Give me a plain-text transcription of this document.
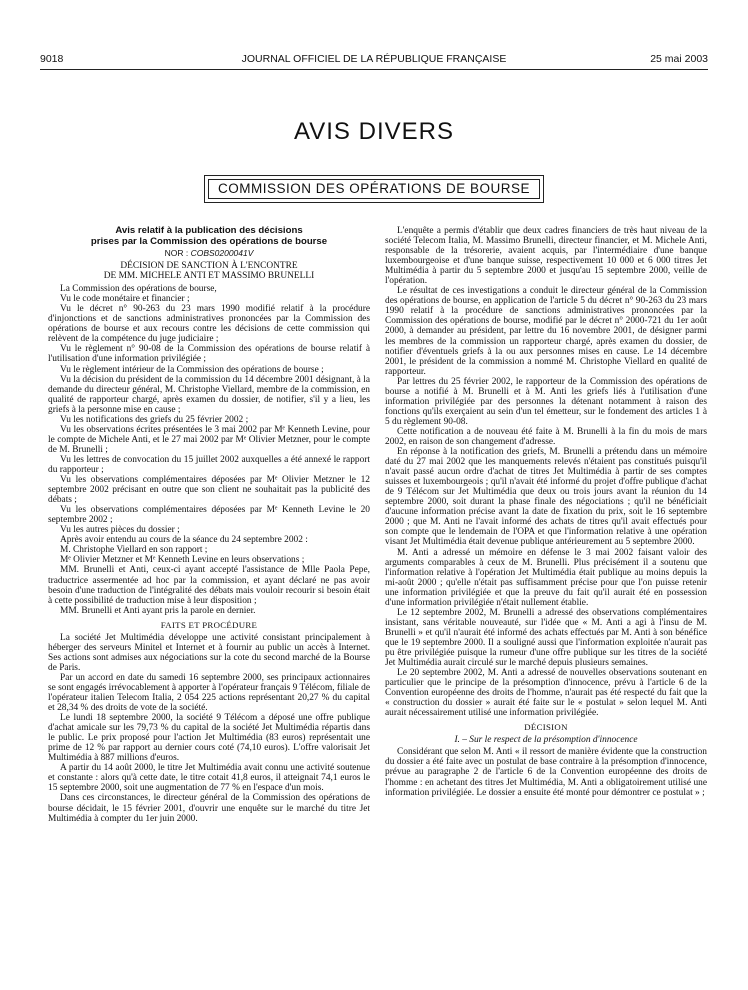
9018	JOURNAL OFFICIEL DE LA RÉPUBLIQUE FRANÇAISE	25 mai 2003
AVIS DIVERS
COMMISSION DES OPÉRATIONS DE BOURSE

Avis relatif à la publication des décisions

prises par la Commission des opérations de bourse

NOR : COBS0200041V

DÉCISION DE SANCTION À L'ENCONTRE

DE MM. MICHELE ANTI ET MASSIMO BRUNELLI

La Commission des opérations de bourse,

Vu le code monétaire et financier ;

Vu le décret n° 90-263 du 23 mars 1990 modifié relatif à la procédure d'injonctions et de sanctions administratives prononcées par la Commission des opérations de bourse et aux recours contre les décisions de cette commission qui relèvent de la compétence du juge judiciaire ;

Vu le règlement n° 90-08 de la Commission des opérations de bourse relatif à l'utilisation d'une information privilégiée ;

Vu le règlement intérieur de la Commission des opérations de bourse ;

Vu la décision du président de la commission du 14 décembre 2001 désignant, à la demande du directeur général, M. Christophe Viellard, membre de la commission, en qualité de rapporteur chargé, après examen du dossier, de notifier, s'il y a lieu, les griefs à la personne mise en cause ;

Vu les notifications des griefs du 25 février 2002 ;

Vu les observations écrites présentées le 3 mai 2002 par Mᵉ Kenneth Levine, pour le compte de Michele Anti, et le 27 mai 2002 par Mᵉ Olivier Metzner, pour le compte de M. Brunelli ;

Vu les lettres de convocation du 15 juillet 2002 auxquelles a été annexé le rapport du rapporteur ;

Vu les observations complémentaires déposées par Mᵉ Olivier Metzner le 12 septembre 2002 précisant en outre que son client ne souhaitait pas la publicité des débats ;

Vu les observations complémentaires déposées par Mᵉ Kenneth Levine le 20 septembre 2002 ;

Vu les autres pièces du dossier ;

Après avoir entendu au cours de la séance du 24 septembre 2002 :

M. Christophe Viellard en son rapport ;

Mᵉ Olivier Metzner et Mᵉ Kenneth Levine en leurs observations ;

MM. Brunelli et Anti, ceux-ci ayant accepté l'assistance de Mlle Paola Pepe, traductrice assermentée ad hoc par la commission, et ayant déclaré ne pas avoir besoin d'une traduction de l'intégralité des débats mais vouloir recourir si besoin était à cette possibilité de traduction mise à leur disposition ;

MM. Brunelli et Anti ayant pris la parole en dernier.

FAITS ET PROCÉDURE

La société Jet Multimédia développe une activité consistant principalement à héberger des serveurs Minitel et Internet et à fournir au public un accès à Internet. Ses actions sont admises aux négociations sur la cote du second marché de la Bourse de Paris.

Par un accord en date du samedi 16 septembre 2000, ses principaux actionnaires se sont engagés irrévocablement à apporter à l'opérateur français 9 Télécom, filiale de l'opérateur italien Telecom Italia, 2 054 225 actions représentant 20,27 % du capital et 28,34 % des droits de vote de la société.

Le lundi 18 septembre 2000, la société 9 Télécom a déposé une offre publique d'achat amicale sur les 79,73 % du capital de la société Jet Multimédia répartis dans le public. Le prix proposé pour l'action Jet Multimédia (83 euros) représentait une prime de 12 % par rapport au dernier cours coté (74,10 euros). L'offre valorisait Jet Multimédia à 887 millions d'euros.

A partir du 14 août 2000, le titre Jet Multimédia avait connu une activité soutenue et constante : alors qu'à cette date, le titre cotait 41,8 euros, il atteignait 74,1 euros le 15 septembre 2000, soit une augmentation de 77 % en l'espace d'un mois.

Dans ces circonstances, le directeur général de la Commission des opérations de bourse décidait, le 15 février 2001, d'ouvrir une enquête sur le marché du titre Jet Multimédia à compter du 1er juin 2000.

L'enquête a permis d'établir que deux cadres financiers de très haut niveau de la société Telecom Italia, M. Massimo Brunelli, directeur financier, et M. Michele Anti, responsable de la trésorerie, avaient acquis, par l'intermédiaire d'une banque luxembourgeoise et d'une banque suisse, respectivement 10 000 et 6 000 titres Jet Multimédia à partir du 5 septembre 2000 et jusqu'au 15 septembre 2000, veille de l'opération.

Le résultat de ces investigations a conduit le directeur général de la Commission des opérations de bourse, en application de l'article 5 du décret n° 90-263 du 23 mars 1990 relatif à la procédure de sanctions administratives prononcées par la Commission des opérations de bourse, modifié par le décret n° 2000-721 du 1er août 2000, à demander au président, par lettre du 16 novembre 2001, de désigner parmi les membres de la commission un rapporteur chargé, après examen du dossier, de notifier d'éventuels griefs à la ou aux personnes mises en cause. Le 14 décembre 2001, le président de la commission a nommé M. Christophe Viellard en qualité de rapporteur.

Par lettres du 25 février 2002, le rapporteur de la Commission des opérations de bourse a notifié à M. Brunelli et à M. Anti les griefs liés à l'utilisation d'une information privilégiée par des personnes la détenant notamment à raison des fonctions qu'ils exerçaient au sein d'un tel émetteur, sur le fondement des articles 1 à 5 du règlement 90-08.

Cette notification a de nouveau été faite à M. Brunelli à la fin du mois de mars 2002, en raison de son changement d'adresse.

En réponse à la notification des griefs, M. Brunelli a prétendu dans un mémoire daté du 27 mai 2002 que les manquements relevés n'étaient pas constitués puisqu'il n'avait passé aucun ordre d'achat de titres Jet Multimédia à partir de ses comptes suisses et luxembourgeois ; qu'il n'avait été informé du projet d'offre publique d'achat de 9 Télécom sur Jet Multimédia que deux ou trois jours avant la réunion du 14 septembre 2000, soit durant la phase finale des négociations ; qu'il ne bénéficiait d'aucune information précise avant la date de fixation du prix, soit le 16 septembre 2000 ; que M. Anti ne l'avait informé des achats de titres qu'il avait effectués pour son compte que le lendemain de l'OPA et que l'information relative à une opération visant Jet Multimédia était devenue publique antérieurement au 5 septembre 2000.

M. Anti a adressé un mémoire en défense le 3 mai 2002 faisant valoir des arguments comparables à ceux de M. Brunelli. Plus précisément il a soutenu que l'information relative à l'opération Jet Multimédia était publique au moins depuis la mi-août 2000 ; qu'elle n'était pas suffisamment précise pour que l'on puisse retenir une information privilégiée et que la preuve du fait qu'il aurait été en possession d'une information privilégiée n'était nullement établie.

Le 12 septembre 2002, M. Brunelli a adressé des observations complémentaires insistant, sans véritable nouveauté, sur l'idée que « M. Anti a agi à l'insu de M. Brunelli » et qu'il n'aurait été informé des achats effectués par M. Anti à son bénéfice que le 19 septembre 2000. Il a souligné aussi que l'information exploitée n'aurait pas pu être privilégiée puisque la rumeur d'une offre publique sur les titres de la société Jet Multimédia aurait circulé sur le marché depuis plusieurs semaines.

Le 20 septembre 2002, M. Anti a adressé de nouvelles observations soutenant en particulier que le principe de la présomption d'innocence, prévu à l'article 6 de la Convention européenne des droits de l'homme, n'aurait pas été respecté du fait que la « construction du dossier » aurait été faite sur le « postulat » selon lequel M. Anti aurait nécessairement utilisé une information privilégiée.

DÉCISION

I. – Sur le respect de la présomption d'innocence

Considérant que selon M. Anti « il ressort de manière évidente que la construction du dossier a été faite avec un postulat de base contraire à la présomption d'innocence, prévue au paragraphe 2 de l'article 6 de la Convention européenne des droits de l'homme : en achetant des titres Jet Multimédia, M. Anti a obligatoirement utilisé une information privilégiée. Le dossier a ensuite été monté pour démontrer ce postulat » ;
